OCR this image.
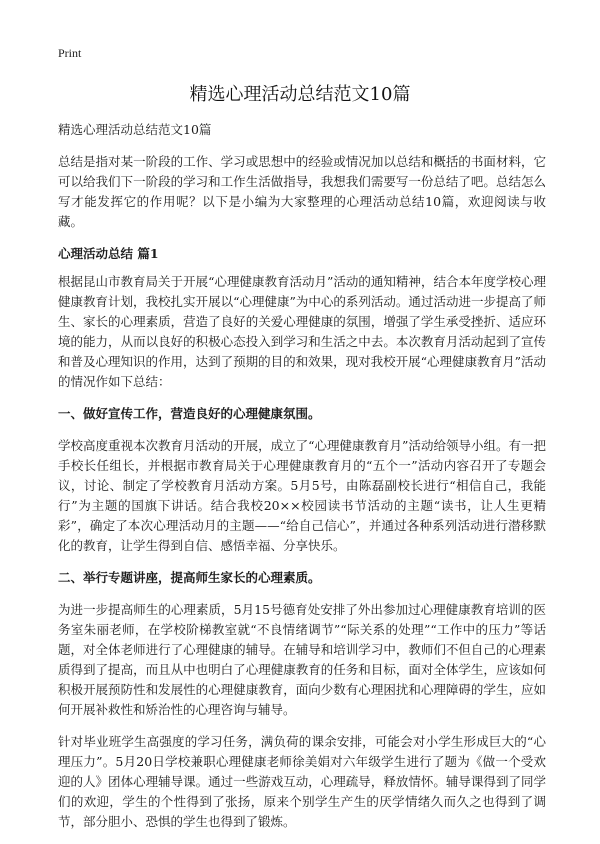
Print
精选心理活动总结范文10篇

精选心理活动总结范文10篇

总结是指对某一阶段的工作、学习或思想中的经验或情况加以总结和概括的书面材料，它可以给我们下一阶段的学习和工作生活做指导，我想我们需要写一份总结了吧。总结怎么写才能发挥它的作用呢？以下是小编为大家整理的心理活动总结10篇，欢迎阅读与收藏。

心理活动总结 篇1

根据昆山市教育局关于开展“心理健康教育活动月”活动的通知精神，结合本年度学校心理健康教育计划，我校扎实开展以“心理健康”为中心的系列活动。通过活动进一步提高了师生、家长的心理素质，营造了良好的关爱心理健康的氛围，增强了学生承受挫折、适应环境的能力，从而以良好的积极心态投入到学习和生活之中去。本次教育月活动起到了宣传和普及心理知识的作用，达到了预期的目的和效果，现对我校开展“心理健康教育月”活动的情况作如下总结：

一、做好宣传工作，营造良好的心理健康氛围。

学校高度重视本次教育月活动的开展，成立了“心理健康教育月”活动给领导小组。有一把手校长任组长，并根据市教育局关于心理健康教育月的“五个一”活动内容召开了专题会议，讨论、制定了学校教育月活动方案。5月5号，由陈磊副校长进行“相信自己，我能行”为主题的国旗下讲话。结合我校20××校园读书节活动的主题“读书，让人生更精彩”，确定了本次心理活动月的主题——“给自己信心”，并通过各种系列活动进行潜移默化的教育，让学生得到自信、感悟幸福、分享快乐。

二、举行专题讲座，提高师生家长的心理素质。

为进一步提高师生的心理素质，5月15号德育处安排了外出参加过心理健康教育培训的医务室朱丽老师，在学校阶梯教室就“不良情绪调节”“际关系的处理”“工作中的压力”等话题，对全体老师进行了心理健康的辅导。在辅导和培训学习中，教师们不但自己的心理素质得到了提高，而且从中也明白了心理健康教育的任务和目标，面对全体学生，应该如何积极开展预防性和发展性的心理健康教育，面向少数有心理困扰和心理障碍的学生，应如何开展补救性和矫治性的心理咨询与辅导。

针对毕业班学生高强度的学习任务，满负荷的课余安排，可能会对小学生形成巨大的“心理压力”。5月20日学校兼职心理健康老师徐美娟对六年级学生进行了题为《做一个受欢迎的人》团体心理辅导课。通过一些游戏互动，心理疏导，释放情怀。辅导课得到了同学们的欢迎，学生的个性得到了张扬，原来个别学生产生的厌学情绪久而久之也得到了调节，部分胆小、恐惧的学生也得到了锻炼。
